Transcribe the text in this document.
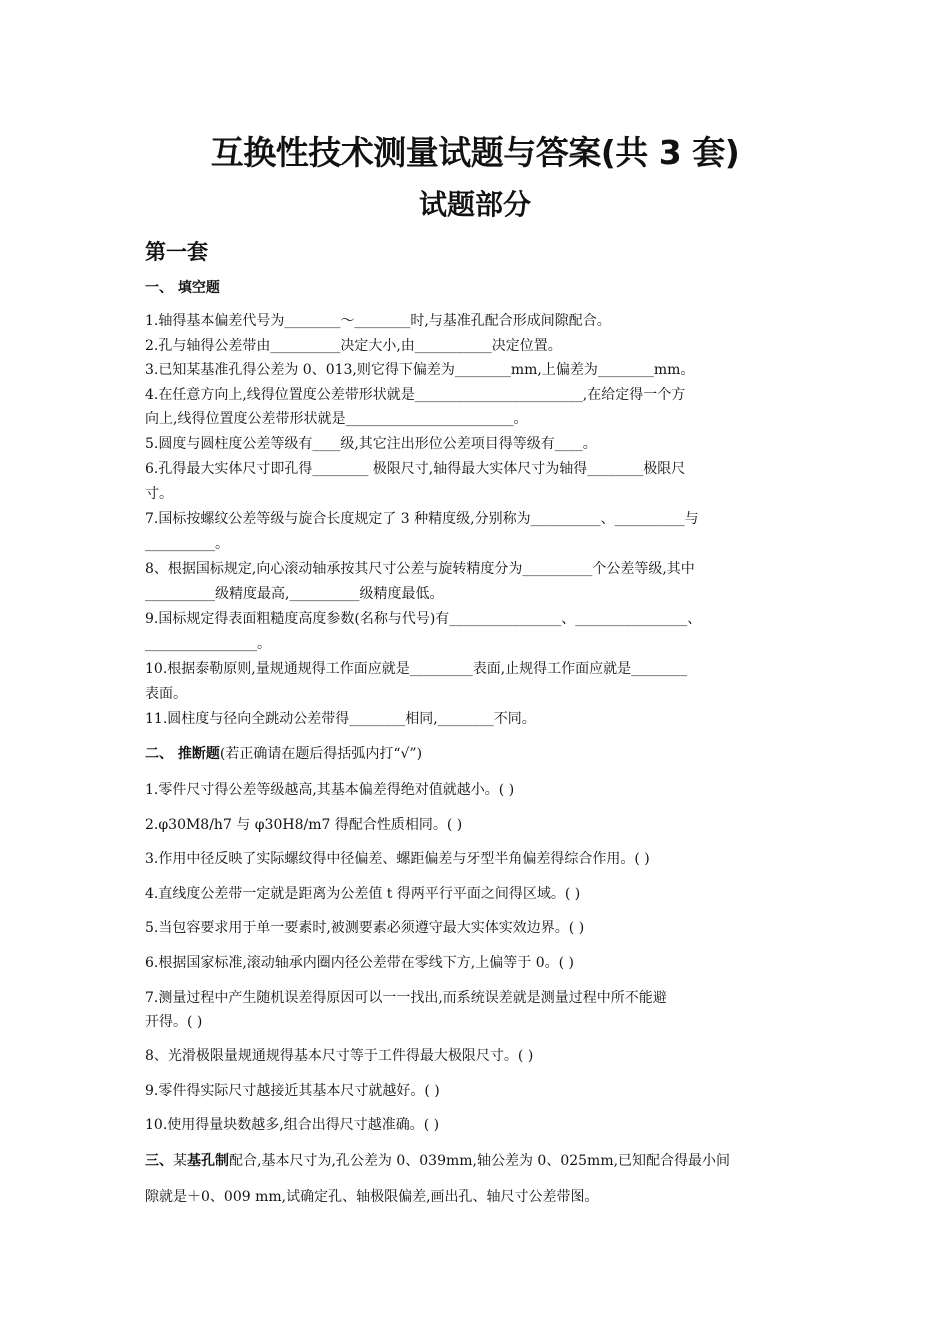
互换性技术测量试题与答案(共 3 套)
试题部分
第一套
一、 填空题
1.轴得基本偏差代号为________～________时,与基准孔配合形成间隙配合。
2.孔与轴得公差带由__________决定大小,由___________决定位置。
3.已知某基准孔得公差为 0、013,则它得下偏差为________mm,上偏差为________mm。
4.在任意方向上,线得位置度公差带形状就是________________________,在给定得一个方
向上,线得位置度公差带形状就是________________________。
5.圆度与圆柱度公差等级有____级,其它注出形位公差项目得等级有____。
6.孔得最大实体尺寸即孔得________ 极限尺寸,轴得最大实体尺寸为轴得________极限尺
寸。
7.国标按螺纹公差等级与旋合长度规定了 3 种精度级,分别称为__________、__________与
__________。
8、根据国标规定,向心滚动轴承按其尺寸公差与旋转精度分为__________个公差等级,其中
__________级精度最高,__________级精度最低。
9.国标规定得表面粗糙度高度参数(名称与代号)有________________、________________、
________________。
10.根据泰勒原则,量规通规得工作面应就是_________表面,止规得工作面应就是________
表面。
11.圆柱度与径向全跳动公差带得________相同,________不同。
二、 推断题(若正确请在题后得括弧内打“√”)
1.零件尺寸得公差等级越高,其基本偏差得绝对值就越小。( )
2.φ30M8/h7 与 φ30H8/m7 得配合性质相同。( )
3.作用中径反映了实际螺纹得中径偏差、螺距偏差与牙型半角偏差得综合作用。( )
4.直线度公差带一定就是距离为公差值 t 得两平行平面之间得区域。( )
5.当包容要求用于单一要素时,被测要素必须遵守最大实体实效边界。( )
6.根据国家标准,滚动轴承内圈内径公差带在零线下方,上偏等于 0。( )
7.测量过程中产生随机误差得原因可以一一找出,而系统误差就是测量过程中所不能避
开得。( )
8、光滑极限量规通规得基本尺寸等于工件得最大极限尺寸。( )
9.零件得实际尺寸越接近其基本尺寸就越好。( )
10.使用得量块数越多,组合出得尺寸越准确。( )
三、某基孔制配合,基本尺寸为,孔公差为 0、039mm,轴公差为 0、025mm,已知配合得最小间
隙就是＋0、009 mm,试确定孔、轴极限偏差,画出孔、轴尺寸公差带图。
